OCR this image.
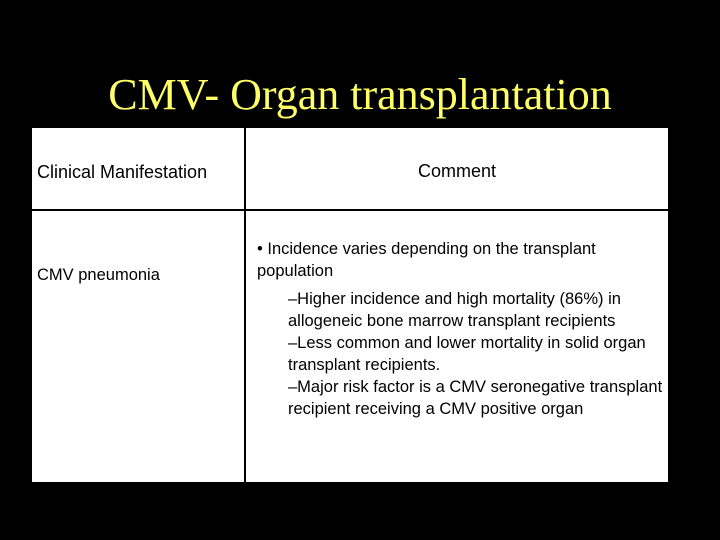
CMV- Organ transplantation
Clinical Manifestation	Comment
CMV pneumonia
• Incidence varies depending on the transplant population

–Higher incidence and high mortality (86%) in allogeneic bone marrow transplant recipients

–Less common and lower mortality in solid organ transplant recipients.

–Major risk factor is a CMV seronegative transplant recipient receiving a CMV positive organ
